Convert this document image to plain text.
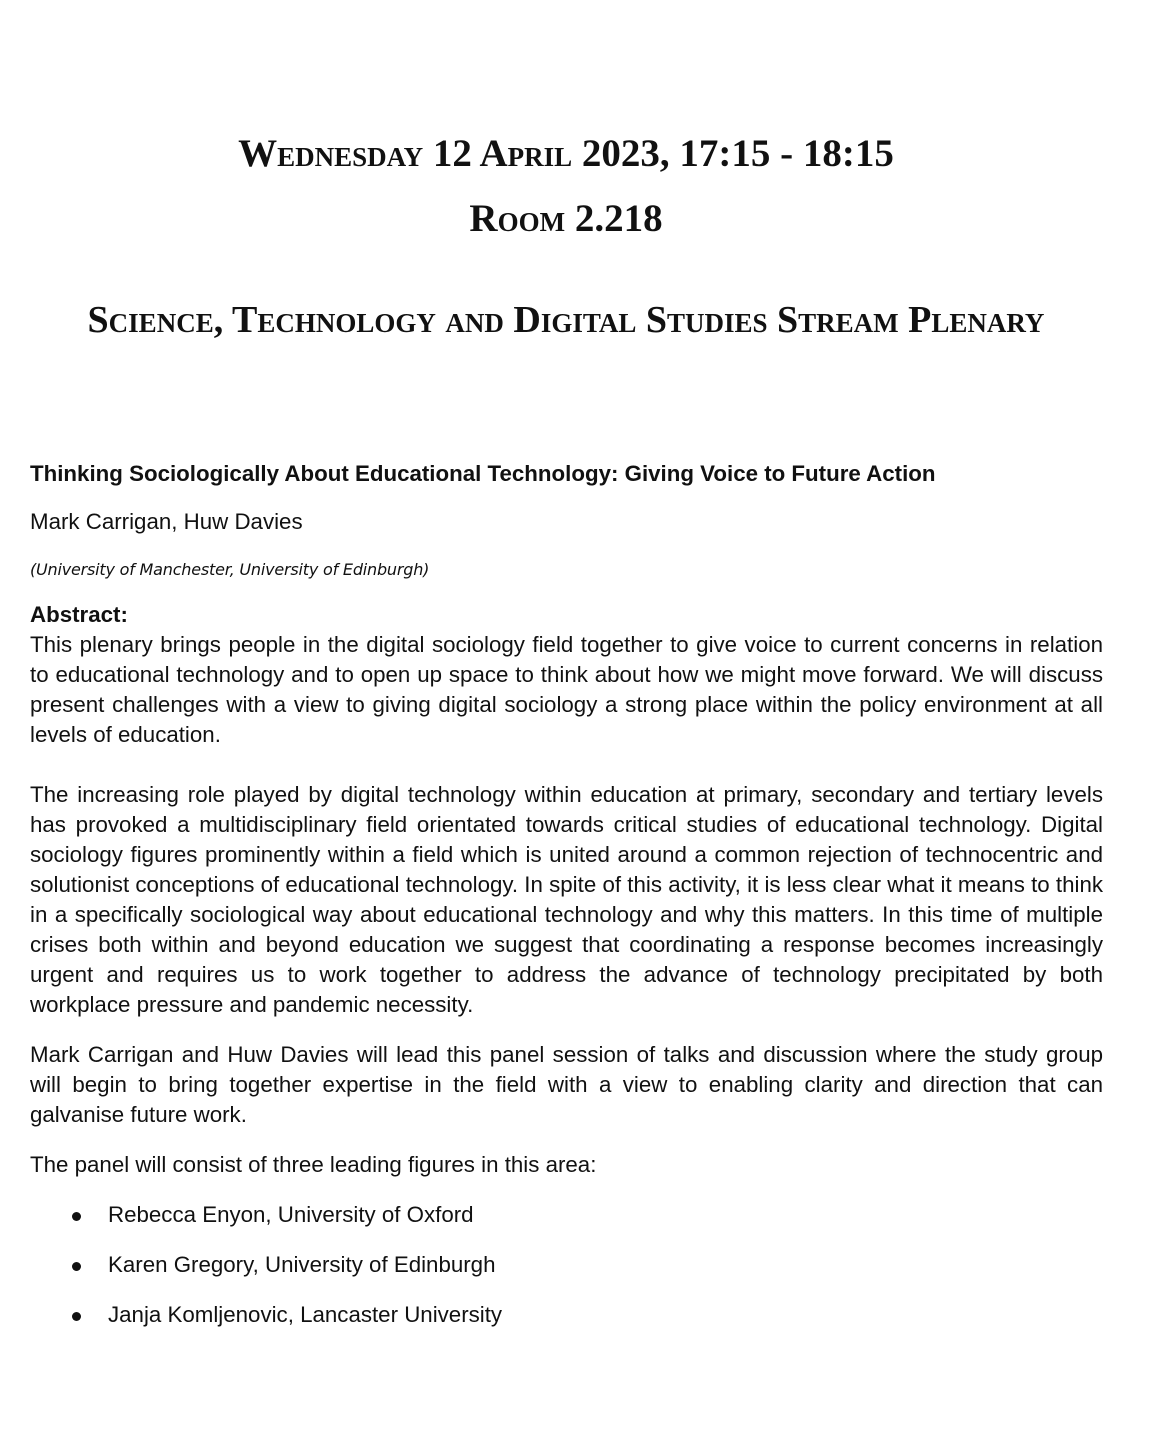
Wednesday 12 April 2023, 17:15 - 18:15
Room 2.218
Science, Technology and Digital Studies Stream Plenary
Thinking Sociologically About Educational Technology: Giving Voice to Future Action
Mark Carrigan, Huw Davies
(University of Manchester, University of Edinburgh)
Abstract:

This plenary brings people in the digital sociology field together to give voice to current concerns in relation to educational technology and to open up space to think about how we might move forward. We will discuss present challenges with a view to giving digital sociology a strong place within the policy environment at all levels of education.

The increasing role played by digital technology within education at primary, secondary and tertiary levels has provoked a multidisciplinary field orientated towards critical studies of educational technology. Digital sociology figures prominently within a field which is united around a common rejection of technocentric and solutionist conceptions of educational technology. In spite of this activity, it is less clear what it means to think in a specifically sociological way about educational technology and why this matters. In this time of multiple crises both within and beyond education we suggest that coordinating a response becomes increasingly urgent and requires us to work together to address the advance of technology precipitated by both workplace pressure and pandemic necessity.

Mark Carrigan and Huw Davies will lead this panel session of talks and discussion where the study group will begin to bring together expertise in the field with a view to enabling clarity and direction that can galvanise future work.

The panel will consist of three leading figures in this area:

Rebecca Enyon, University of Oxford
Karen Gregory, University of Edinburgh
Janja Komljenovic, Lancaster University
